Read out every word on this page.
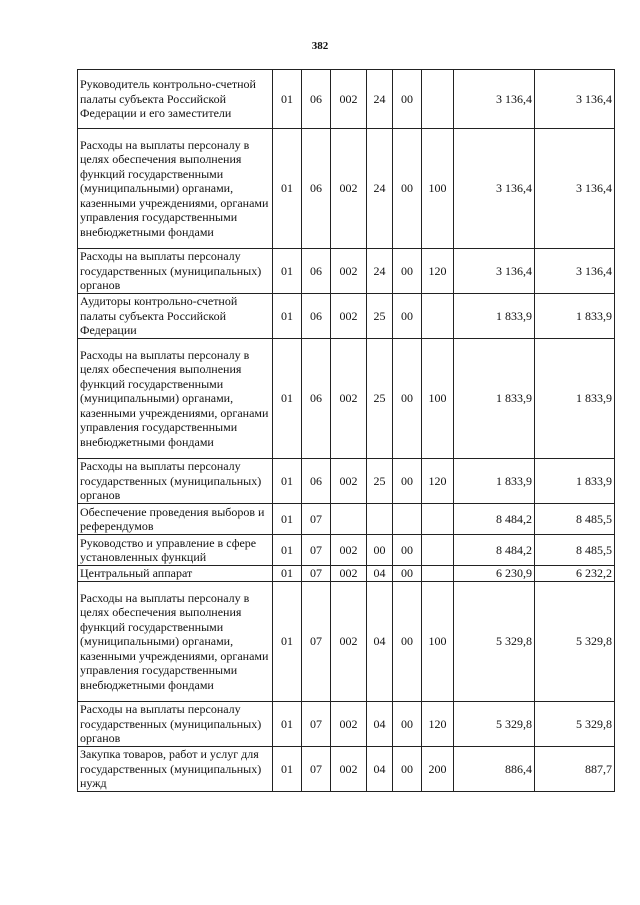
382
Руководитель контрольно-счетной палаты субъекта Российской Федерации и его заместители	01	06	002	24	00		3 136,4	3 136,4
Расходы на выплаты персоналу в целях обеспечения выполнения функций государственными (муниципальными) органами, казенными учреждениями, органами управления государственными внебюджетными фондами	01	06	002	24	00	100	3 136,4	3 136,4
Расходы на выплаты персоналу государственных (муниципальных) органов	01	06	002	24	00	120	3 136,4	3 136,4
Аудиторы контрольно-счетной палаты субъекта Российской Федерации	01	06	002	25	00		1 833,9	1 833,9
Расходы на выплаты персоналу в целях обеспечения выполнения функций государственными (муниципальными) органами, казенными учреждениями, органами управления государственными внебюджетными фондами	01	06	002	25	00	100	1 833,9	1 833,9
Расходы на выплаты персоналу государственных (муниципальных) органов	01	06	002	25	00	120	1 833,9	1 833,9
Обеспечение проведения выборов и референдумов	01	07					8 484,2	8 485,5
Руководство и управление в сфере установленных функций	01	07	002	00	00		8 484,2	8 485,5
Центральный аппарат	01	07	002	04	00		6 230,9	6 232,2
Расходы на выплаты персоналу в целях обеспечения выполнения функций государственными (муниципальными) органами, казенными учреждениями, органами управления государственными внебюджетными фондами	01	07	002	04	00	100	5 329,8	5 329,8
Расходы на выплаты персоналу государственных (муниципальных) органов	01	07	002	04	00	120	5 329,8	5 329,8
Закупка товаров, работ и услуг для государственных (муниципальных) нужд	01	07	002	04	00	200	886,4	887,7
